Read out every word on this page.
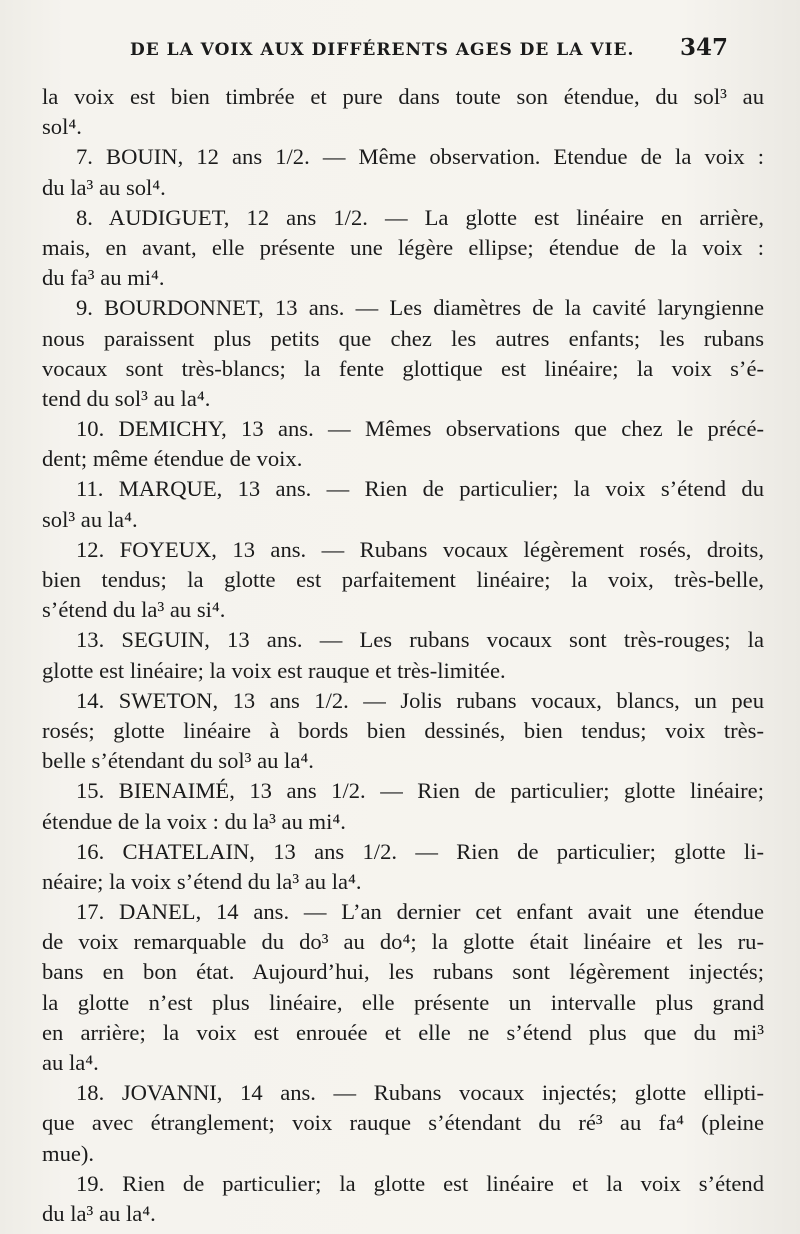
DE LA VOIX AUX DIFFÉRENTS AGES DE LA VIE. 347
la voix est bien timbrée et pure dans toute son étendue, du sol³ au
sol⁴.
7. BOUIN, 12 ans 1/2. — Même observation. Etendue de la voix :
du la³ au sol⁴.
8. AUDIGUET, 12 ans 1/2. — La glotte est linéaire en arrière,
mais, en avant, elle présente une légère ellipse; étendue de la voix :
du fa³ au mi⁴.
9. BOURDONNET, 13 ans. — Les diamètres de la cavité laryngienne
nous paraissent plus petits que chez les autres enfants; les rubans
vocaux sont très-blancs; la fente glottique est linéaire; la voix s’é-
tend du sol³ au la⁴.
10. DEMICHY, 13 ans. — Mêmes observations que chez le précé-
dent; même étendue de voix.
11. MARQUE, 13 ans. — Rien de particulier; la voix s’étend du
sol³ au la⁴.
12. FOYEUX, 13 ans. — Rubans vocaux légèrement rosés, droits,
bien tendus; la glotte est parfaitement linéaire; la voix, très-belle,
s’étend du la³ au si⁴.
13. SEGUIN, 13 ans. — Les rubans vocaux sont très-rouges; la
glotte est linéaire; la voix est rauque et très-limitée.
14. SWETON, 13 ans 1/2. — Jolis rubans vocaux, blancs, un peu
rosés; glotte linéaire à bords bien dessinés, bien tendus; voix très-
belle s’étendant du sol³ au la⁴.
15. BIENAIMÉ, 13 ans 1/2. — Rien de particulier; glotte linéaire;
étendue de la voix : du la³ au mi⁴.
16. CHATELAIN, 13 ans 1/2. — Rien de particulier; glotte li-
néaire; la voix s’étend du la³ au la⁴.
17. DANEL, 14 ans. — L’an dernier cet enfant avait une étendue
de voix remarquable du do³ au do⁴; la glotte était linéaire et les ru-
bans en bon état. Aujourd’hui, les rubans sont légèrement injectés;
la glotte n’est plus linéaire, elle présente un intervalle plus grand
en arrière; la voix est enrouée et elle ne s’étend plus que du mi³
au la⁴.
18. JOVANNI, 14 ans. — Rubans vocaux injectés; glotte ellipti-
que avec étranglement; voix rauque s’étendant du ré³ au fa⁴ (pleine
mue).
19. Rien de particulier; la glotte est linéaire et la voix s’étend
du la³ au la⁴.
